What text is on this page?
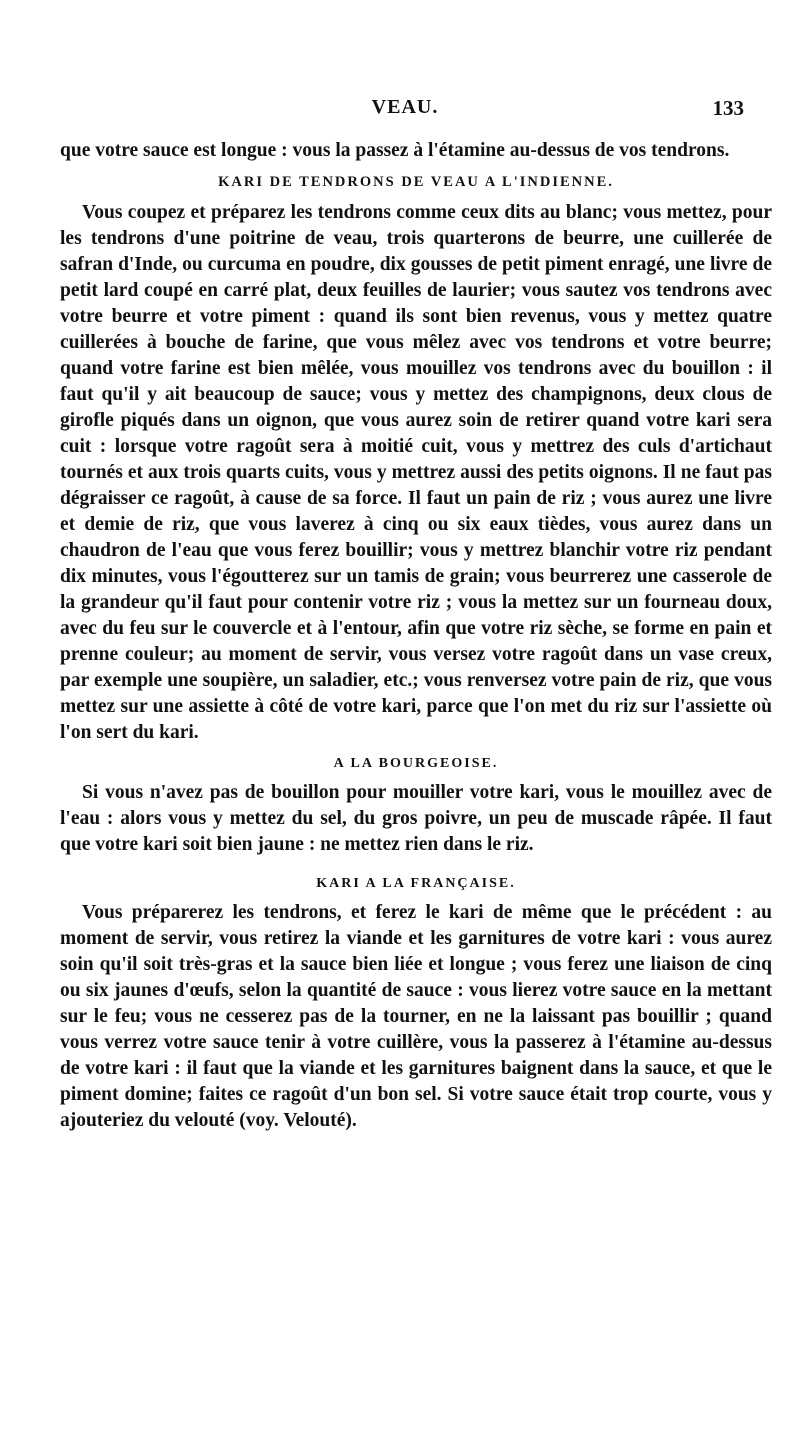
VEAU.	133

que votre sauce est longue : vous la passez à l'étamine au-dessus de vos tendrons.

KARI DE TENDRONS DE VEAU A L'INDIENNE.

Vous coupez et préparez les tendrons comme ceux dits au blanc; vous mettez, pour les tendrons d'une poitrine de veau, trois quarterons de beurre, une cuillerée de safran d'Inde, ou curcuma en poudre, dix gousses de petit piment enragé, une livre de petit lard coupé en carré plat, deux feuilles de laurier; vous sautez vos tendrons avec votre beurre et votre piment : quand ils sont bien revenus, vous y mettez quatre cuillerées à bouche de farine, que vous mêlez avec vos tendrons et votre beurre; quand votre farine est bien mêlée, vous mouillez vos tendrons avec du bouillon : il faut qu'il y ait beaucoup de sauce; vous y mettez des champignons, deux clous de girofle piqués dans un oignon, que vous aurez soin de retirer quand votre kari sera cuit : lorsque votre ragoût sera à moitié cuit, vous y mettrez des culs d'artichaut tournés et aux trois quarts cuits, vous y mettrez aussi des petits oignons. Il ne faut pas dégraisser ce ragoût, à cause de sa force. Il faut un pain de riz ; vous aurez une livre et demie de riz, que vous laverez à cinq ou six eaux tièdes, vous aurez dans un chaudron de l'eau que vous ferez bouillir; vous y mettrez blanchir votre riz pendant dix minutes, vous l'égoutterez sur un tamis de grain; vous beurrerez une casserole de la grandeur qu'il faut pour contenir votre riz ; vous la mettez sur un fourneau doux, avec du feu sur le couvercle et à l'entour, afin que votre riz sèche, se forme en pain et prenne couleur; au moment de servir, vous versez votre ragoût dans un vase creux, par exemple une soupière, un saladier, etc.; vous renversez votre pain de riz, que vous mettez sur une assiette à côté de votre kari, parce que l'on met du riz sur l'assiette où l'on sert du kari.

A LA BOURGEOISE.

Si vous n'avez pas de bouillon pour mouiller votre kari, vous le mouillez avec de l'eau : alors vous y mettez du sel, du gros poivre, un peu de muscade râpée. Il faut que votre kari soit bien jaune : ne mettez rien dans le riz.

KARI A LA FRANÇAISE.

Vous préparerez les tendrons, et ferez le kari de même que le précédent : au moment de servir, vous retirez la viande et les garnitures de votre kari : vous aurez soin qu'il soit très-gras et la sauce bien liée et longue ; vous ferez une liaison de cinq ou six jaunes d'œufs, selon la quantité de sauce : vous lierez votre sauce en la mettant sur le feu; vous ne cesserez pas de la tourner, en ne la laissant pas bouillir ; quand vous verrez votre sauce tenir à votre cuillère, vous la passerez à l'étamine au-dessus de votre kari : il faut que la viande et les garnitures baignent dans la sauce, et que le piment domine; faites ce ragoût d'un bon sel. Si votre sauce était trop courte, vous y ajouteriez du velouté (voy. Velouté).
